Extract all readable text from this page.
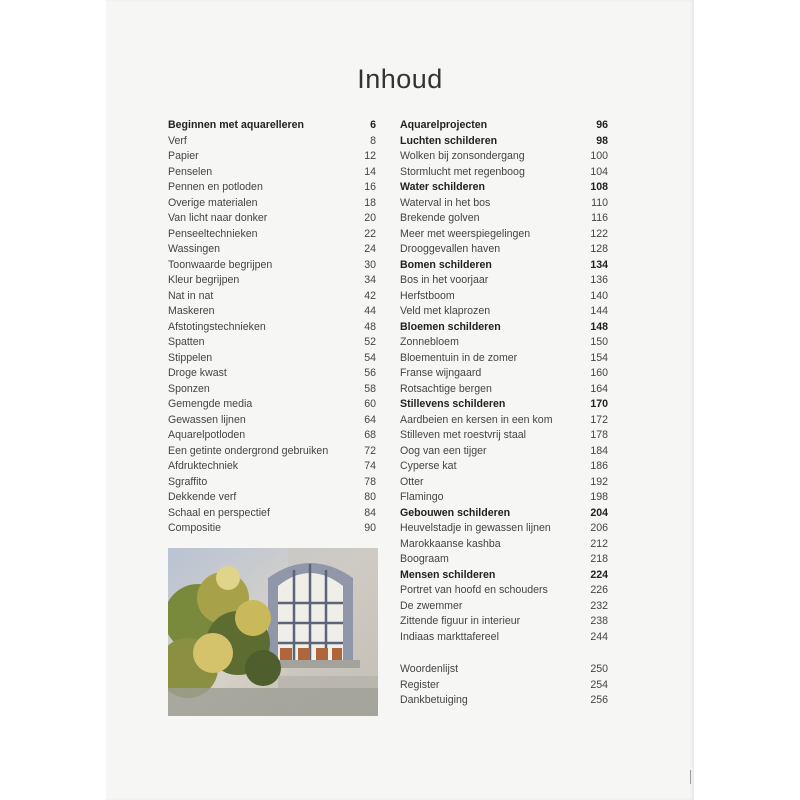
Inhoud
Beginnen met aquarelleren	6
Verf	8
Papier	12
Penselen	14
Pennen en potloden	16
Overige materialen	18
Van licht naar donker	20
Penseeltechnieken	22
Wassingen	24
Toonwaarde begrijpen	30
Kleur begrijpen	34
Nat in nat	42
Maskeren	44
Afstotingstechnieken	48
Spatten	52
Stippelen	54
Droge kwast	56
Sponzen	58
Gemengde media	60
Gewassen lijnen	64
Aquarelpotloden	68
Een getinte ondergrond gebruiken	72
Afdruktechniek	74
Sgraffito	78
Dekkende verf	80
Schaal en perspectief	84
Compositie	90
Aquarelprojecten	96
Luchten schilderen	98
Wolken bij zonsondergang	100
Stormlucht met regenboog	104
Water schilderen	108
Waterval in het bos	110
Brekende golven	116
Meer met weerspiegelingen	122
Drooggevallen haven	128
Bomen schilderen	134
Bos in het voorjaar	136
Herfstboom	140
Veld met klaprozen	144
Bloemen schilderen	148
Zonnebloem	150
Bloementuin in de zomer	154
Franse wijngaard	160
Rotsachtige bergen	164
Stillevens schilderen	170
Aardbeien en kersen in een kom	172
Stilleven met roestvrij staal	178
Oog van een tijger	184
Cyperse kat	186
Otter	192
Flamingo	198
Gebouwen schilderen	204
Heuvelstadje in gewassen lijnen	206
Marokkaanse kashba	212
Boograam	218
Mensen schilderen	224
Portret van hoofd en schouders	226
De zwemmer	232
Zittende figuur in interieur	238
Indiaas markttafereel	244
Woordenlijst	250
Register	254
Dankbetuiging	256
